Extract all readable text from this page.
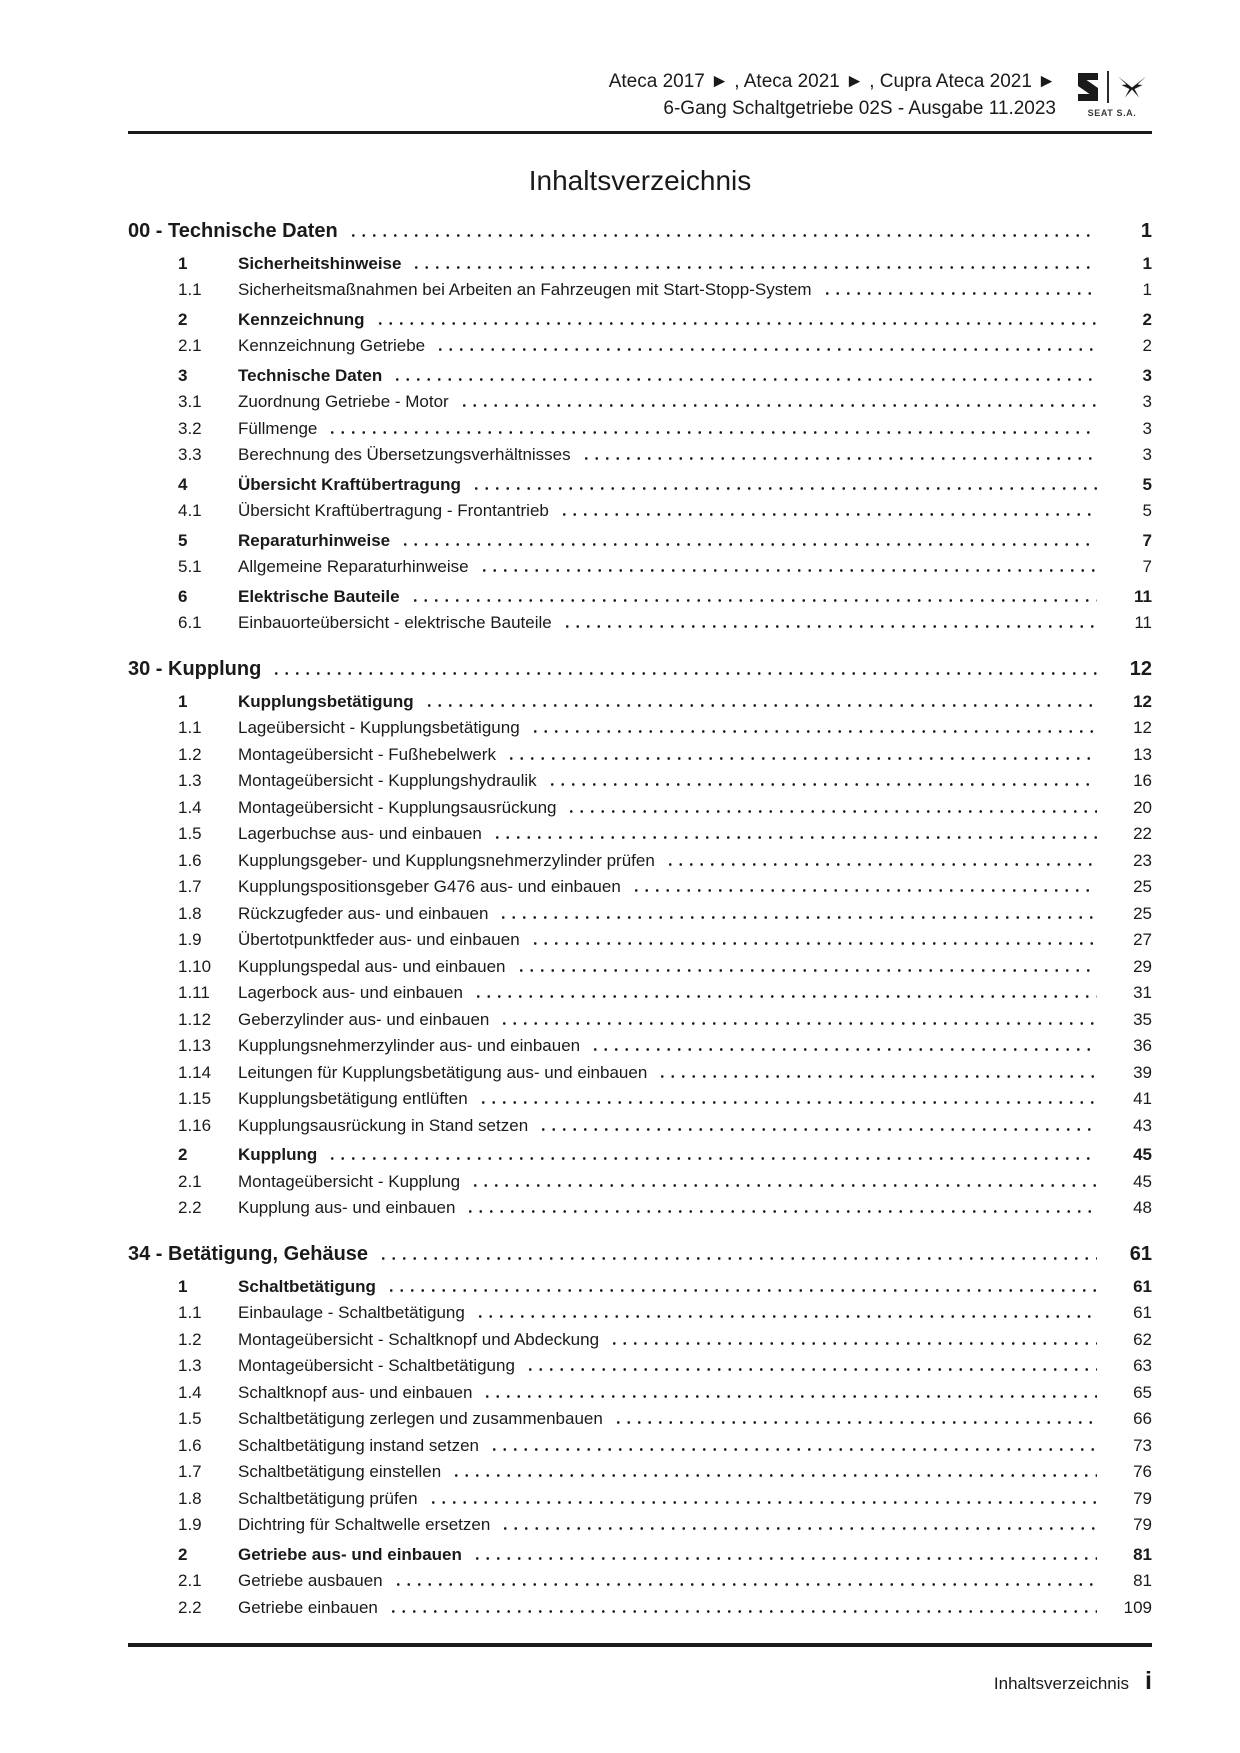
Ateca 2017 ► , Ateca 2021 ► , Cupra Ateca 2021 ►
6-Gang Schaltgetriebe 02S - Ausgabe 11.2023	SEAT S.A.
Inhaltsverzeichnis
00 - Technische Daten	1
1	Sicherheitshinweise	1
1.1	Sicherheitsmaßnahmen bei Arbeiten an Fahrzeugen mit Start-Stopp-System	1
2	Kennzeichnung	2
2.1	Kennzeichnung Getriebe	2
3	Technische Daten	3
3.1	Zuordnung Getriebe - Motor	3
3.2	Füllmenge	3
3.3	Berechnung des Übersetzungsverhältnisses	3
4	Übersicht Kraftübertragung	5
4.1	Übersicht Kraftübertragung - Frontantrieb	5
5	Reparaturhinweise	7
5.1	Allgemeine Reparaturhinweise	7
6	Elektrische Bauteile	11
6.1	Einbauorteübersicht - elektrische Bauteile	11
30 - Kupplung	12
1	Kupplungsbetätigung	12
1.1	Lageübersicht - Kupplungsbetätigung	12
1.2	Montageübersicht - Fußhebelwerk	13
1.3	Montageübersicht - Kupplungshydraulik	16
1.4	Montageübersicht - Kupplungsausrückung	20
1.5	Lagerbuchse aus- und einbauen	22
1.6	Kupplungsgeber- und Kupplungsnehmerzylinder prüfen	23
1.7	Kupplungspositionsgeber G476 aus- und einbauen	25
1.8	Rückzugfeder aus- und einbauen	25
1.9	Übertotpunktfeder aus- und einbauen	27
1.10	Kupplungspedal aus- und einbauen	29
1.11	Lagerbock aus- und einbauen	31
1.12	Geberzylinder aus- und einbauen	35
1.13	Kupplungsnehmerzylinder aus- und einbauen	36
1.14	Leitungen für Kupplungsbetätigung aus- und einbauen	39
1.15	Kupplungsbetätigung entlüften	41
1.16	Kupplungsausrückung in Stand setzen	43
2	Kupplung	45
2.1	Montageübersicht - Kupplung	45
2.2	Kupplung aus- und einbauen	48
34 - Betätigung, Gehäuse	61
1	Schaltbetätigung	61
1.1	Einbaulage - Schaltbetätigung	61
1.2	Montageübersicht - Schaltknopf und Abdeckung	62
1.3	Montageübersicht - Schaltbetätigung	63
1.4	Schaltknopf aus- und einbauen	65
1.5	Schaltbetätigung zerlegen und zusammenbauen	66
1.6	Schaltbetätigung instand setzen	73
1.7	Schaltbetätigung einstellen	76
1.8	Schaltbetätigung prüfen	79
1.9	Dichtring für Schaltwelle ersetzen	79
2	Getriebe aus- und einbauen	81
2.1	Getriebe ausbauen	81
2.2	Getriebe einbauen	109
Inhaltsverzeichnis i
